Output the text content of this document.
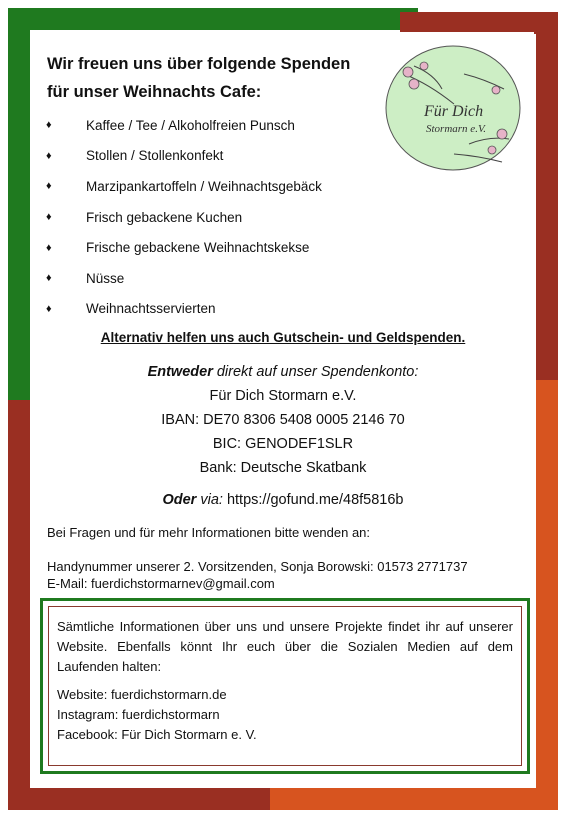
Wir freuen uns über folgende Spenden
für unser Weihnachts Cafe:
Für Dich
Stormarn e.V.
♦	Kaffee / Tee / Alkoholfreien Punsch
♦	Stollen / Stollenkonfekt
♦	Marzipankartoffeln / Weihnachtsgebäck
♦	Frisch gebackene Kuchen
♦	Frische gebackene Weihnachtskekse
♦	Nüsse
♦	Weihnachtsservierten
Alternativ helfen uns auch Gutschein- und Geldspenden.
Entweder direkt auf unser Spendenkonto:
Für Dich Stormarn e.V.
IBAN: DE70 8306 5408 0005 2146 70
BIC: GENODEF1SLR
Bank: Deutsche Skatbank
Oder via: https://gofund.me/48f5816b
Bei Fragen und für mehr Informationen bitte wenden an:
Handynummer unserer 2. Vorsitzenden, Sonja Borowski: 01573 2771737
E-Mail: fuerdichstormarnev@gmail.com
Sämtliche Informationen über uns und unsere Projekte findet ihr auf unserer Website. Ebenfalls könnt Ihr euch über die Sozialen Medien auf dem Laufenden halten:
Website: fuerdichstormarn.de
Instagram: fuerdichstormarn
Facebook: Für Dich Stormarn e. V.
